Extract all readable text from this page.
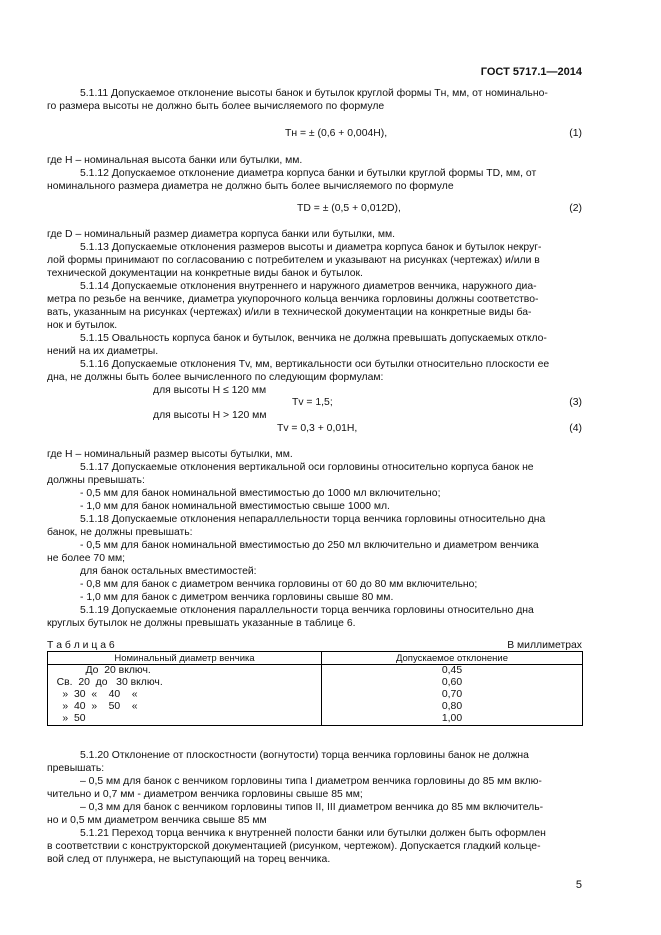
ГОСТ 5717.1—2014
5.1.11 Допускаемое отклонение высоты банок и бутылок круглой формы Тн, мм, от номинально-
го размера высоты не должно быть более вычисляемого по формуле
где Н – номинальная высота банки или бутылки, мм.
5.1.12 Допускаемое отклонение диаметра корпуса банки и бутылки круглой формы TD, мм, от
номинального размера диаметра не должно быть более вычисляемого по формуле
где D – номинальный размер диаметра корпуса банки или бутылки, мм.
5.1.13 Допускаемые отклонения размеров высоты и диаметра корпуса банок и бутылок некруг-
лой формы принимают по согласованию с потребителем и указывают на рисунках (чертежах) и/или в
технической документации на конкретные виды банок и бутылок.
5.1.14 Допускаемые отклонения внутреннего и наружного диаметров венчика, наружного диа-
метра по резьбе на венчике, диаметра укупорочного кольца венчика горловины должны соответство-
вать, указанным на рисунках (чертежах) и/или в технической документации на конкретные виды ба-
нок и бутылок.
5.1.15 Овальность корпуса банок и бутылок, венчика не должна превышать допускаемых отклo-
нений на их диаметры.
5.1.16 Допускаемые отклонения Тv, мм, вертикальности оси бутылки относительно плоскости ее
дна, не должны быть более вычисленного по следующим формулам:
для высоты Н ≤ 120 мм
для высоты Н > 120 мм
где Н – номинальный размер высоты бутылки, мм.
5.1.17 Допускаемые отклонения вертикальной оси горловины относительно корпуса банок не
должны превышать:
- 0,5 мм для банок номинальной вместимостью до 1000 мл включительно;
- 1,0 мм для банок номинальной вместимостью свыше 1000 мл.
5.1.18 Допускаемые отклонения непараллельности торца венчика горловины относительно дна
банок, не должны превышать:
- 0,5 мм для банок номинальной вместимостью до 250 мл включительно и диаметром венчика
не более 70 мм;
для банок остальных вместимостей:
- 0,8 мм для банок с диаметром венчика горловины от 60 до 80 мм включительно;
- 1,0 мм для банок с диметром венчика горловины свыше 80 мм.
5.1.19 Допускаемые отклонения параллельности торца венчика горловины относительно дна
круглых бутылок не должны превышать указанные в таблице 6.
5.1.20 Отклонение от плоскостности (вогнутости) торца венчика горловины банок не должна
превышать:
– 0,5 мм для банок с венчиком горловины типа I диаметром венчика горловины до 85 мм вклю-
чительно и 0,7 мм - диаметром венчика горловины свыше 85 мм;
– 0,3 мм для банок с венчиком горловины типов II, III диаметром венчика до 85 мм включитель-
но и 0,5 мм диаметром венчика свыше 85 мм
5.1.21 Переход торца венчика к внутренней полости банки или бутылки должен быть оформлен
в соответствии с конструкторской документацией (рисунком, чертежом). Допускается гладкий кольце-
вой след от плунжера, не выступающий на торец венчика.
Тн = ± (0,6 + 0,004Н),	(1)
TD = ± (0,5 + 0,012D),	(2)
Тv = 1,5;	(3)
Тv = 0,3 + 0,01Н,	(4)
Т а б л и ц а 6	В миллиметрах
Номинальный диаметр венчика	Допускаемое отклонение
До  20 включ.	0,45
Св.  20  до   30 включ.	0,60
»  30  «    40    «	0,70
»  40  »    50    «	0,80
»  50	1,00
5
